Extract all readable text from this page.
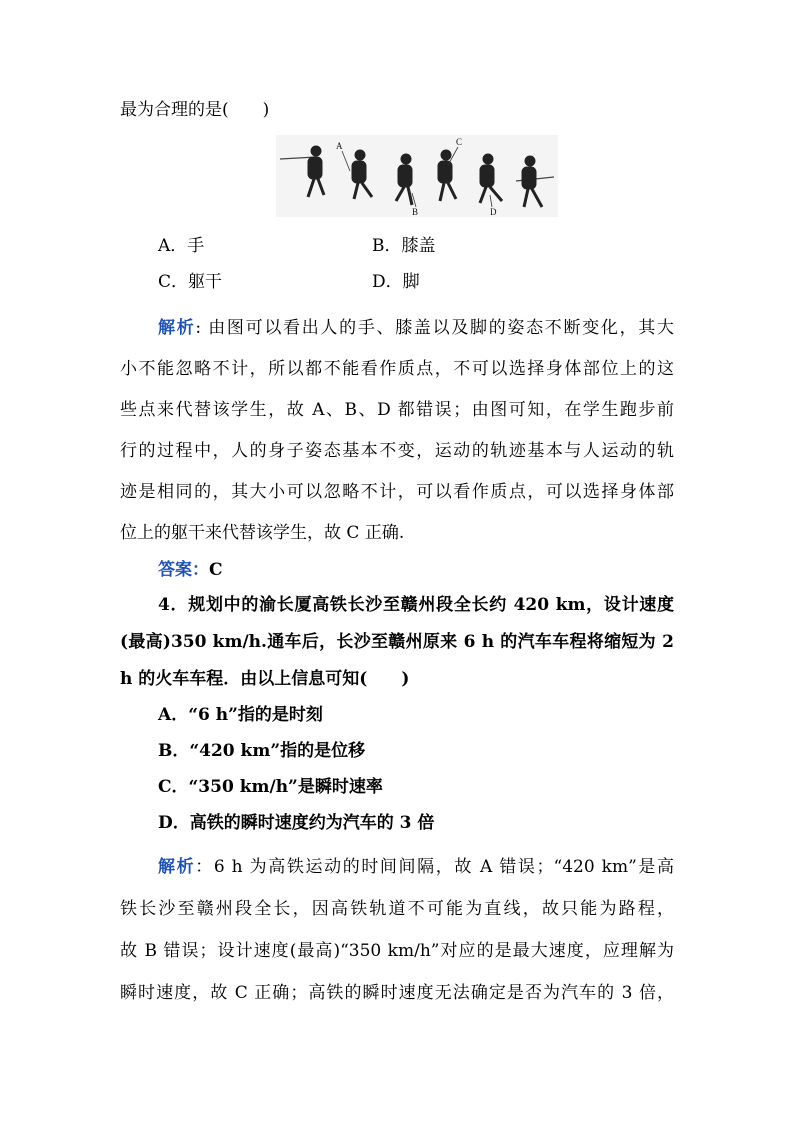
最为合理的是(　　)
A
B
C
D
A．手	B．膝盖
C．躯干	D．脚
解析: 由图可以看出人的手、膝盖以及脚的姿态不断变化，其大
小不能忽略不计，所以都不能看作质点，不可以选择身体部位上的这
些点来代替该学生，故 A、B、D 都错误；由图可知，在学生跑步前
行的过程中，人的身子姿态基本不变，运动的轨迹基本与人运动的轨
迹是相同的，其大小可以忽略不计，可以看作质点，可以选择身体部
位上的躯干来代替该学生，故 C 正确.
答案：C
4．规划中的渝长厦高铁长沙至赣州段全长约 420 km，设计速度
(最高)350 km/h.通车后，长沙至赣州原来 6 h 的汽车车程将缩短为 2
h 的火车车程．由以上信息可知(　　)
A．“6 h”指的是时刻
B．“420 km”指的是位移
C．“350 km/h”是瞬时速率
D．高铁的瞬时速度约为汽车的 3 倍
解析：6 h 为高铁运动的时间间隔，故 A 错误；“420 km”是高
铁长沙至赣州段全长，因高铁轨道不可能为直线，故只能为路程，
故 B 错误；设计速度(最高)“350 km/h”对应的是最大速度，应理解为
瞬时速度，故 C 正确；高铁的瞬时速度无法确定是否为汽车的 3 倍，
